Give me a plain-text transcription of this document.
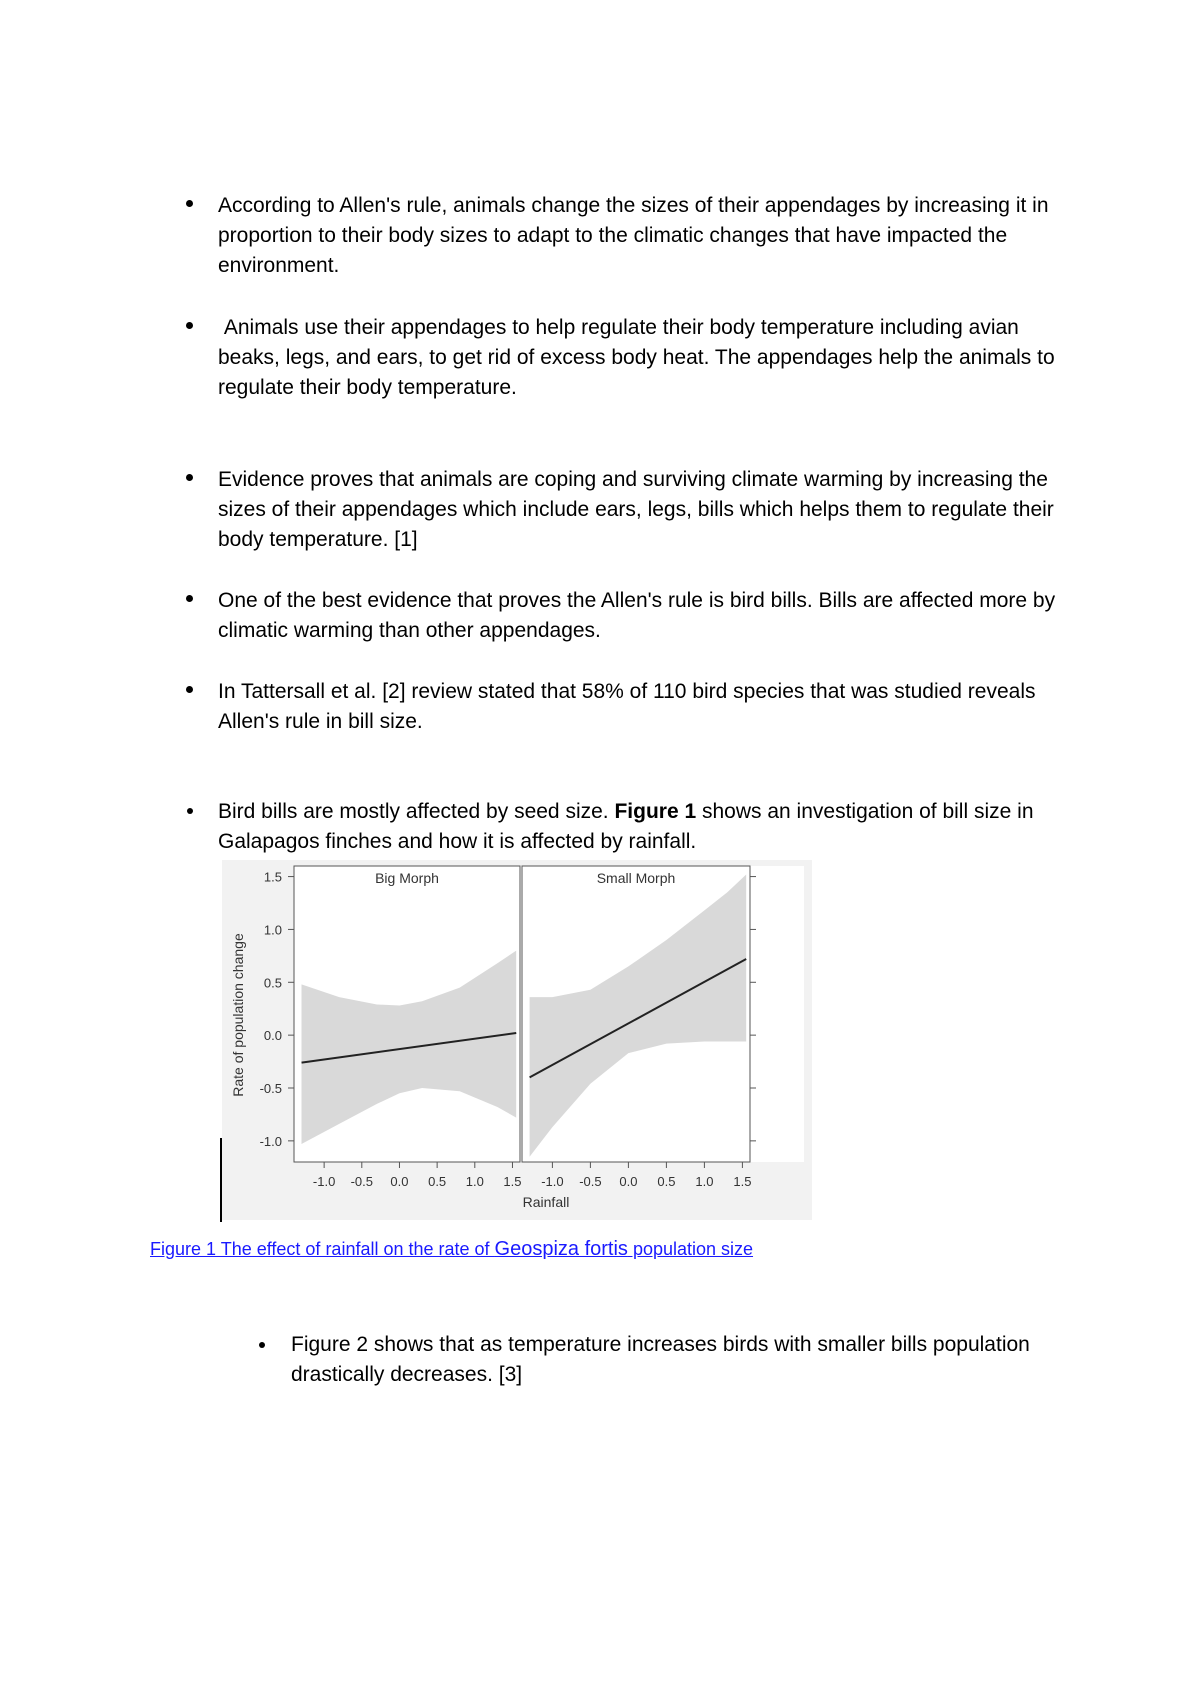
According to Allen's rule, animals change the sizes of their appendages by increasing it in proportion to their body sizes to adapt to the climatic changes that have impacted the environment.
Animals use their appendages to help regulate their body temperature including avian beaks, legs, and ears, to get rid of excess body heat. The appendages help the animals to regulate their body temperature.
Evidence proves that animals are coping and surviving climate warming by increasing the sizes of their appendages which include ears, legs, bills which helps them to regulate their body temperature. [1]
One of the best evidence that proves the Allen's rule is bird bills. Bills are affected more by climatic warming than other appendages.
In Tattersall et al. [2] review stated that 58% of 110 bird species that was studied reveals Allen's rule in bill size.
Bird bills are mostly affected by seed size. Figure 1 shows an investigation of bill size in Galapagos finches and how it is affected by rainfall.
Big Morph	Small Morph
-1.0 -0.5 0.0 0.5 1.0 1.5 -1.0 -0.5 0.0 0.5 1.0 1.5
1.5
1.0
0.5
0.0
-0.5
-1.0
Rate of population change
Rainfall
Figure 1 The effect of rainfall on the rate of Geospiza fortis population size
Figure 2 shows that as temperature increases birds with smaller bills population drastically decreases. [3]
